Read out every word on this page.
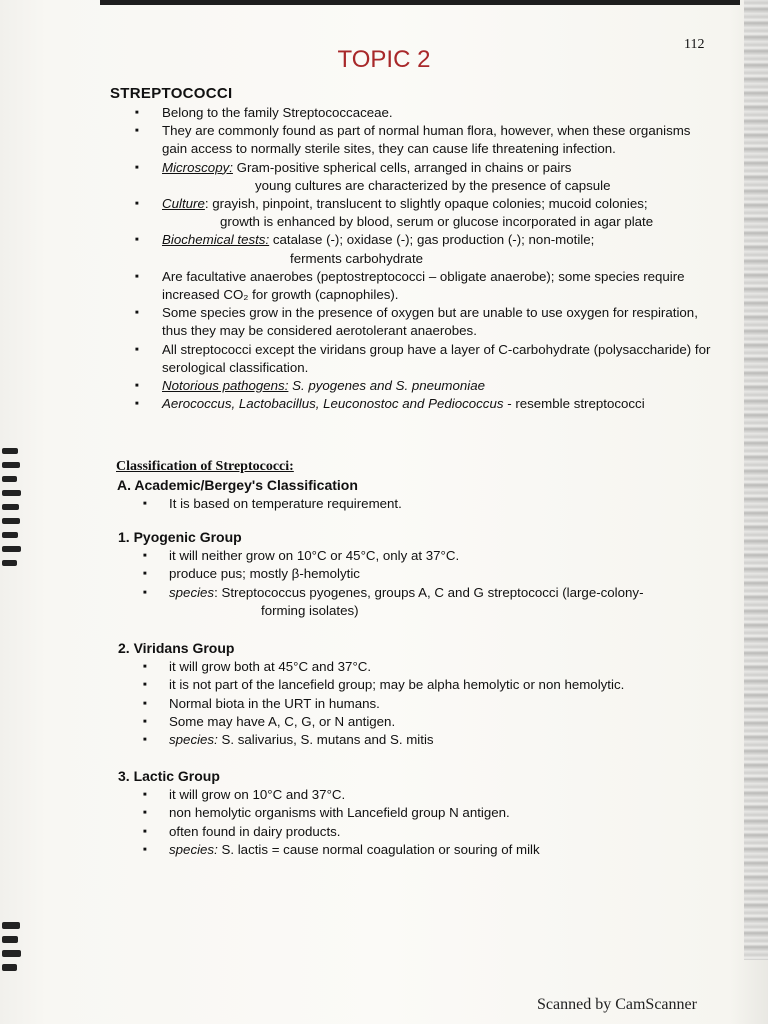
112
TOPIC 2
STREPTOCOCCI
■ Belong to the family Streptococcaceae.
■ They are commonly found as part of normal human flora, however, when these organisms gain access to normally sterile sites, they can cause life threatening infection.
■ Microscopy: Gram-positive spherical cells, arranged in chains or pairs
young cultures are characterized by the presence of capsule
■ Culture: grayish, pinpoint, translucent to slightly opaque colonies; mucoid colonies;
growth is enhanced by blood, serum or glucose incorporated in agar plate
■ Biochemical tests: catalase (-); oxidase (-); gas production (-); non-motile;
ferments carbohydrate
■ Are facultative anaerobes (peptostreptococci – obligate anaerobe); some species require increased CO₂ for growth (capnophiles).
■ Some species grow in the presence of oxygen but are unable to use oxygen for respiration, thus they may be considered aerotolerant anaerobes.
■ All streptococci except the viridans group have a layer of C-carbohydrate (polysaccharide) for serological classification.
■ Notorious pathogens: S. pyogenes and S. pneumoniae
■ Aerococcus, Lactobacillus, Leuconostoc and Pediococcus - resemble streptococci
Classification of Streptococci:
A. Academic/Bergey's Classification
■ It is based on temperature requirement.
1. Pyogenic Group
■ it will neither grow on 10°C or 45°C, only at 37°C.
■ produce pus; mostly β-hemolytic
■ species: Streptococcus pyogenes, groups A, C and G streptococci (large-colony-
forming isolates)
2. Viridans Group
■ it will grow both at 45°C and 37°C.
■ it is not part of the lancefield group; may be alpha hemolytic or non hemolytic.
■ Normal biota in the URT in humans.
■ Some may have A, C, G, or N antigen.
■ species: S. salivarius, S. mutans and S. mitis
3. Lactic Group
■ it will grow on 10°C and 37°C.
■ non hemolytic organisms with Lancefield group N antigen.
■ often found in dairy products.
■ species: S. lactis = cause normal coagulation or souring of milk
Scanned by CamScanner
